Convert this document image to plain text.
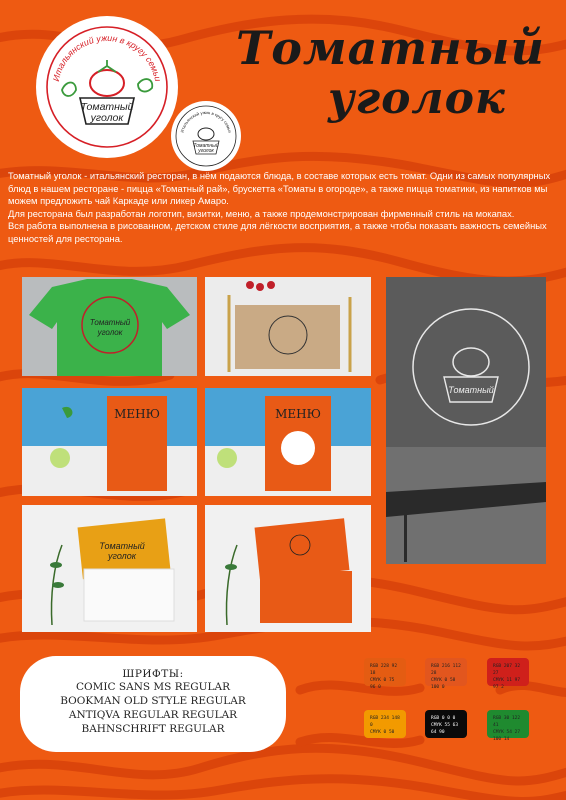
Итальянский ужин в кругу семьи
Томатный
уголок
Итальянский ужин в кругу семьи
Томатный
уголок
Томатный
уголок

Томатный уголок - итальянский ресторан, в нём подаются блюда, в составе которых есть томат. Одни из самых популярных блюд в нашем ресторане - пицца «Томатный рай», брускетта «Томаты в огороде», а также пицца томатики, из напитков мы можем предложить чай Каркаде или ликер Амаро.

Для ресторана был разработан логотип, визитки, меню, а также продемонстрирован фирменный стиль на мокапах.

Вся работа выполнена в рисованном, детском стиле для лёгкости восприятия, а также чтобы показать важность семейных ценностей для ресторана.

Томатный
уголок
Томатный
МЕНЮ	МЕНЮ
Томатный
уголок
ШРИФТЫ:
COMIC SANS MS REGULAR
BOOKMAN OLD STYLE REGULAR
ANTIQVA REGULAR REGULAR
BAHNSCHRIFT REGULAR
RGB 228 92 18
CMYK 0 75 96 0
RGB 216 112 28
CMYK 0 58 100 0
RGB 207 32 27
CMYK 11 97 97 2
RGB 234 148 0
CMYK 0 50
RGB 0 0 0
CMYK 55 63 64 90
RGB 30 122 41
CMYK 54 27 100 14
